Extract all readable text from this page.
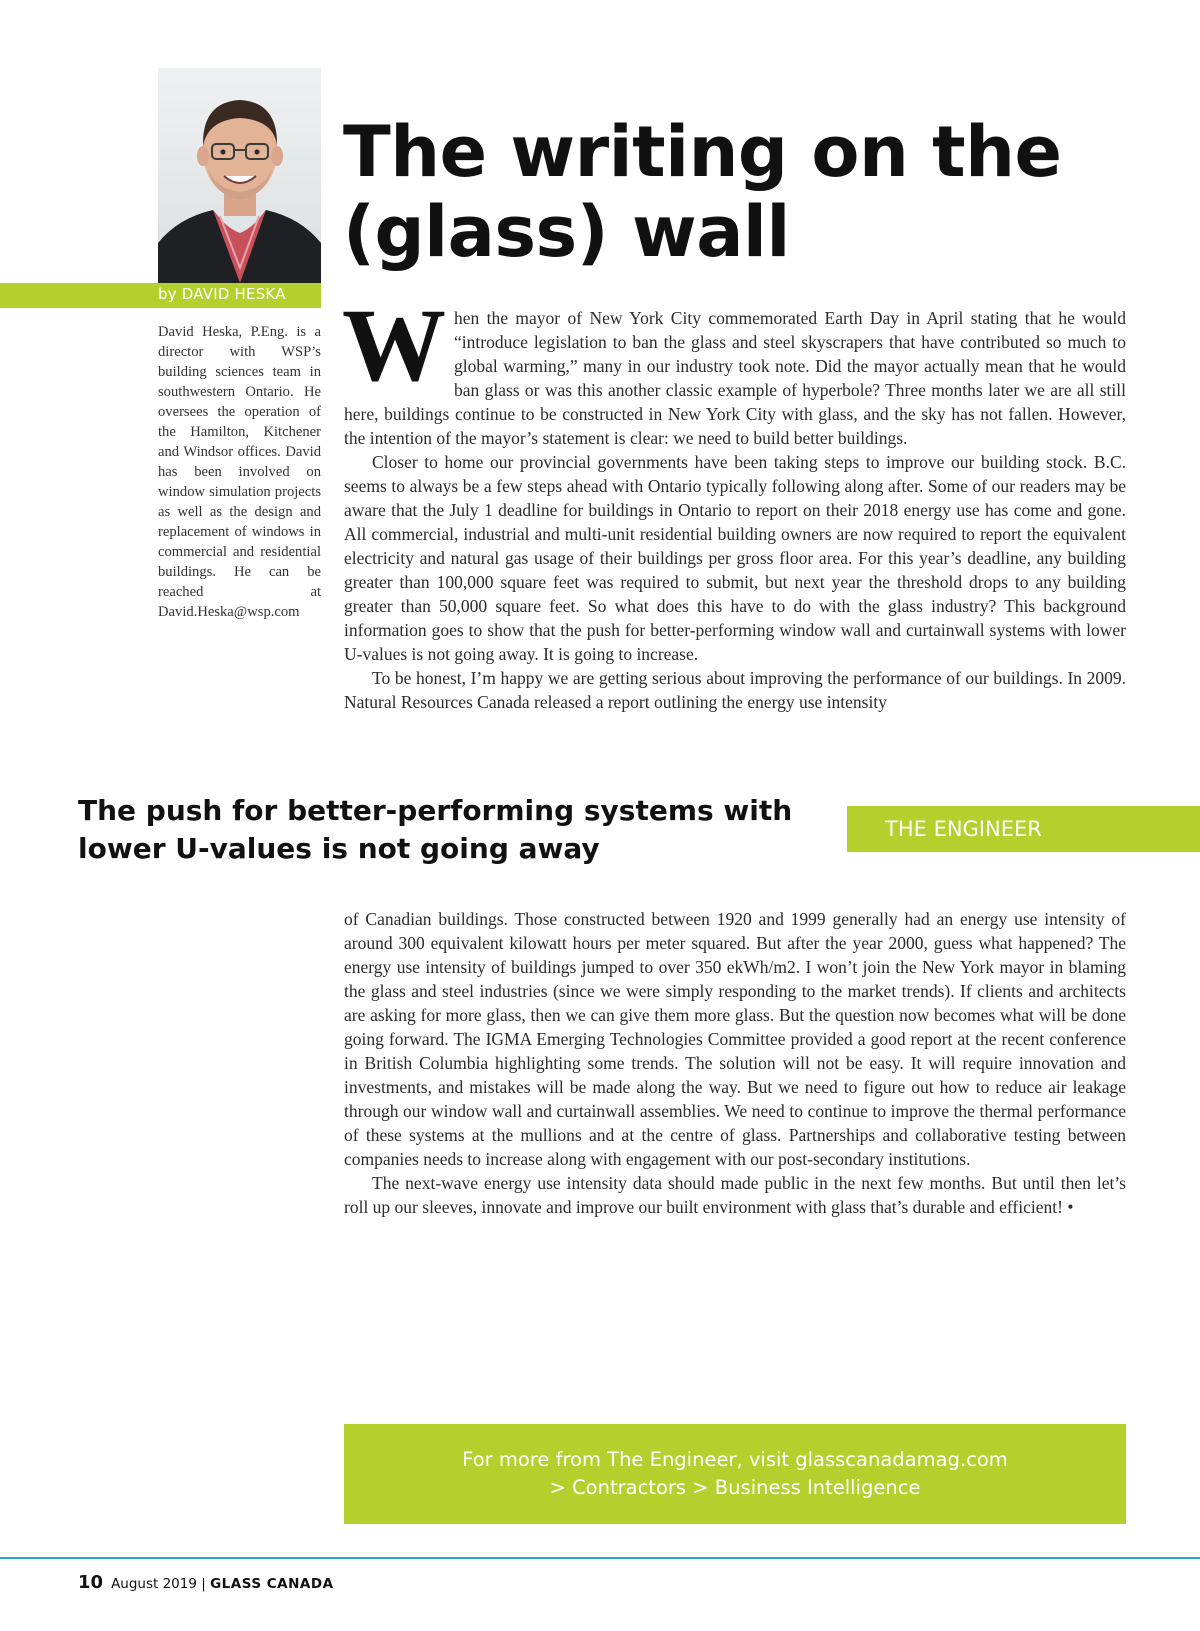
by DAVID HESKA
David Heska, P.Eng. is a director with WSP’s building sciences team in southwestern Ontario. He oversees the operation of the Hamilton, Kitchener and Windsor offices. David has been involved on window simulation projects as well as the design and replacement of windows in commercial and residential buildings. He can be reached at David.Heska@wsp.com
The writing on the
(glass) wall

When the mayor of New York City commemorated Earth Day in April stating that he would “introduce legislation to ban the glass and steel skyscrapers that have contributed so much to global warming,” many in our industry took note. Did the mayor actually mean that he would ban glass or was this another classic example of hyperbole? Three months later we are all still here, buildings continue to be constructed in New York City with glass, and the sky has not fallen. However, the intention of the mayor’s statement is clear: we need to build better buildings.

Closer to home our provincial governments have been taking steps to improve our building stock. B.C. seems to always be a few steps ahead with Ontario typically following along after. Some of our readers may be aware that the July 1 deadline for buildings in Ontario to report on their 2018 energy use has come and gone. All commercial, industrial and multi-unit residential building owners are now required to report the equivalent electricity and natural gas usage of their buildings per gross floor area. For this year’s deadline, any building greater than 100,000 square feet was required to submit, but next year the threshold drops to any building greater than 50,000 square feet. So what does this have to do with the glass industry? This background information goes to show that the push for better-performing window wall and curtainwall systems with lower U-values is not going away. It is going to increase.

To be honest, I’m happy we are getting serious about improving the performance of our buildings. In 2009. Natural Resources Canada released a report outlining the energy use intensity

The push for better-performing systems with
lower U-values is not going away
THE ENGINEER

of Canadian buildings. Those constructed between 1920 and 1999 generally had an energy use intensity of around 300 equivalent kilowatt hours per meter squared. But after the year 2000, guess what happened? The energy use intensity of buildings jumped to over 350 ekWh/m2. I won’t join the New York mayor in blaming the glass and steel industries (since we were simply responding to the market trends). If clients and architects are asking for more glass, then we can give them more glass. But the question now becomes what will be done going forward. The IGMA Emerging Technologies Committee provided a good report at the recent conference in British Columbia highlighting some trends. The solution will not be easy. It will require innovation and investments, and mistakes will be made along the way. But we need to figure out how to reduce air leakage through our window wall and curtainwall assemblies. We need to continue to improve the thermal performance of these systems at the mullions and at the centre of glass. Partnerships and collaborative testing between companies needs to increase along with engagement with our post-secondary institutions.

The next-wave energy use intensity data should made public in the next few months. But until then let’s roll up our sleeves, innovate and improve our built environment with glass that’s durable and efficient! •

For more from The Engineer, visit glasscanadamag.com
> Contractors > Business Intelligence
10 August 2019 | GLASS CANADA
